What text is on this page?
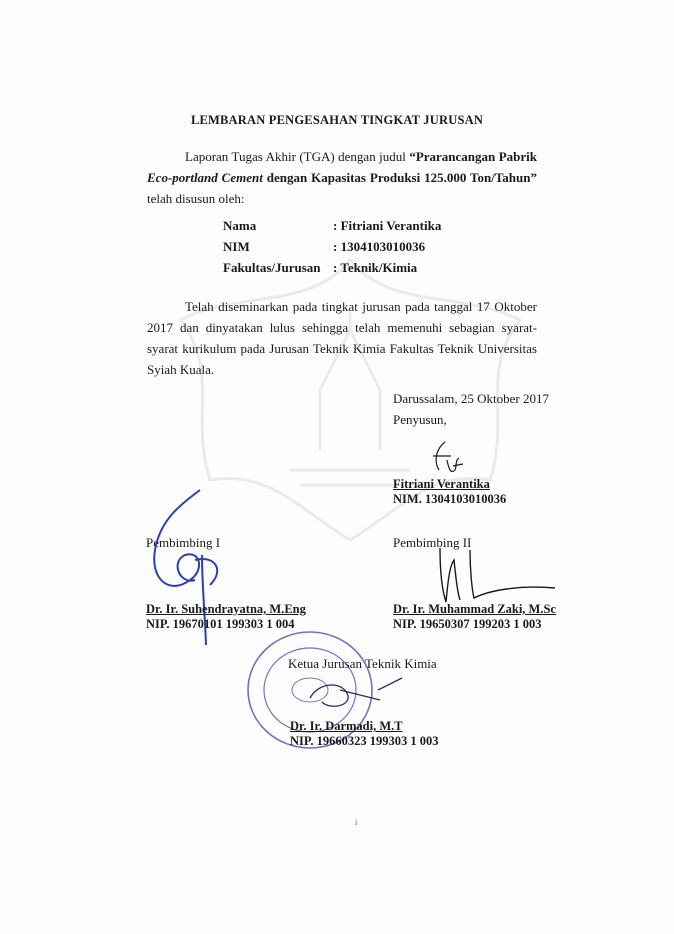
LEMBARAN PENGESAHAN TINGKAT JURUSAN
Laporan Tugas Akhir (TGA) dengan judul “Prarancangan Pabrik Eco-portland Cement dengan Kapasitas Produksi 125.000 Ton/Tahun” telah disusun oleh:
Nama	: Fitriani Verantika
NIM	: 1304103010036
Fakultas/Jurusan : Teknik/Kimia
Telah diseminarkan pada tingkat jurusan pada tanggal 17 Oktober 2017 dan dinyatakan lulus sehingga telah memenuhi sebagian syarat-syarat kurikulum pada Jurusan Teknik Kimia Fakultas Teknik Universitas Syiah Kuala.
Darussalam, 25 Oktober 2017
Penyusun,
Fitriani Verantika
NIM. 1304103010036
Pembimbing I	Pembimbing II
Dr. Ir. Suhendrayatna, M.Eng
NIP. 19670101 199303 1 004
Dr. Ir. Muhammad Zaki, M.Sc
NIP. 19650307 199203 1 003
Ketua Jurusan Teknik Kimia
Dr. Ir. Darmadi, M.T
NIP. 19660323 199303 1 003
i
